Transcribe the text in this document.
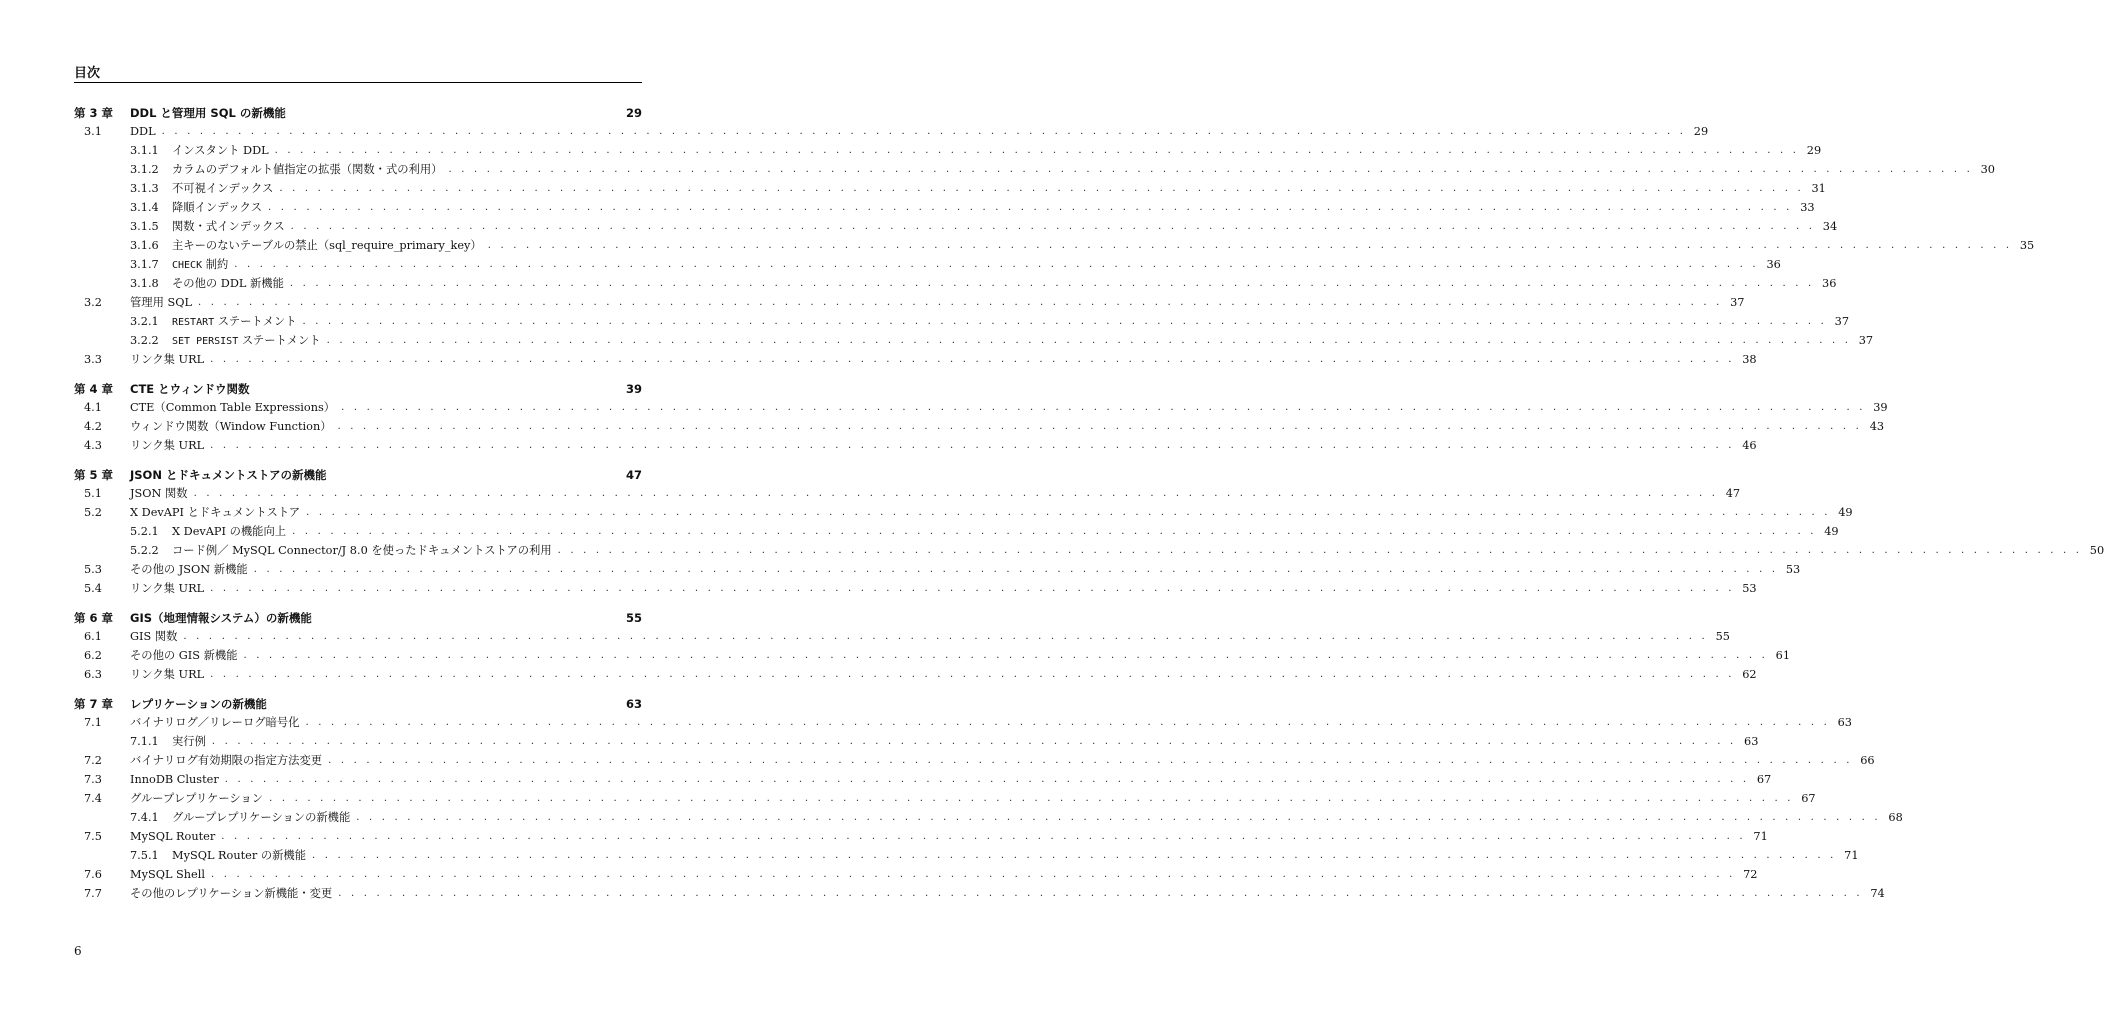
目次
第 3 章	DDL と管理用 SQL の新機能	29
3.1	DDL . . . . . . . . . . . . . . . . . . . . . . . . . . . . . . . . . . . . . . . . . . . . . . . . . . . . . . . . . . . . . . . . . . . . . . . . . . . . . . . . . . . . . . . . . . . . . . . . . . . . . . . . . . . . . . . . . . . . . . . . 29
3.1.1	インスタント DDL . . . . . . . . . . . . . . . . . . . . . . . . . . . . . . . . . . . . . . . . . . . . . . . . . . . . . . . . . . . . . . . . . . . . . . . . . . . . . . . . . . . . . . . . . . . . . . . . . . . . . . . . . . . . . . . . . . . . . . . . 29
3.1.2	カラムのデフォルト値指定の拡張（関数・式の利用） . . . . . . . . . . . . . . . . . . . . . . . . . . . . . . . . . . . . . . . . . . . . . . . . . . . . . . . . . . . . . . . . . . . . . . . . . . . . . . . . . . . . . . . . . . . . . . . . . . . . . . . . . . . . . . . . . . . . . . . . 30
3.1.3	不可視インデックス . . . . . . . . . . . . . . . . . . . . . . . . . . . . . . . . . . . . . . . . . . . . . . . . . . . . . . . . . . . . . . . . . . . . . . . . . . . . . . . . . . . . . . . . . . . . . . . . . . . . . . . . . . . . . . . . . . . . . . . . 31
3.1.4	降順インデックス . . . . . . . . . . . . . . . . . . . . . . . . . . . . . . . . . . . . . . . . . . . . . . . . . . . . . . . . . . . . . . . . . . . . . . . . . . . . . . . . . . . . . . . . . . . . . . . . . . . . . . . . . . . . . . . . . . . . . . . . 33
3.1.5	関数・式インデックス . . . . . . . . . . . . . . . . . . . . . . . . . . . . . . . . . . . . . . . . . . . . . . . . . . . . . . . . . . . . . . . . . . . . . . . . . . . . . . . . . . . . . . . . . . . . . . . . . . . . . . . . . . . . . . . . . . . . . . . . 34
3.1.6	主キーのないテーブルの禁止（sql_require_primary_key） . . . . . . . . . . . . . . . . . . . . . . . . . . . . . . . . . . . . . . . . . . . . . . . . . . . . . . . . . . . . . . . . . . . . . . . . . . . . . . . . . . . . . . . . . . . . . . . . . . . . . . . . . . . . . . . . . . . . . . . . 35
3.1.7	CHECK 制約 . . . . . . . . . . . . . . . . . . . . . . . . . . . . . . . . . . . . . . . . . . . . . . . . . . . . . . . . . . . . . . . . . . . . . . . . . . . . . . . . . . . . . . . . . . . . . . . . . . . . . . . . . . . . . . . . . . . . . . . . 36
3.1.8	その他の DDL 新機能 . . . . . . . . . . . . . . . . . . . . . . . . . . . . . . . . . . . . . . . . . . . . . . . . . . . . . . . . . . . . . . . . . . . . . . . . . . . . . . . . . . . . . . . . . . . . . . . . . . . . . . . . . . . . . . . . . . . . . . . . 36
3.2	管理用 SQL . . . . . . . . . . . . . . . . . . . . . . . . . . . . . . . . . . . . . . . . . . . . . . . . . . . . . . . . . . . . . . . . . . . . . . . . . . . . . . . . . . . . . . . . . . . . . . . . . . . . . . . . . . . . . . . . . . . . . . . . 37
3.2.1	RESTART ステートメント . . . . . . . . . . . . . . . . . . . . . . . . . . . . . . . . . . . . . . . . . . . . . . . . . . . . . . . . . . . . . . . . . . . . . . . . . . . . . . . . . . . . . . . . . . . . . . . . . . . . . . . . . . . . . . . . . . . . . . . . 37
3.2.2	SET PERSIST ステートメント . . . . . . . . . . . . . . . . . . . . . . . . . . . . . . . . . . . . . . . . . . . . . . . . . . . . . . . . . . . . . . . . . . . . . . . . . . . . . . . . . . . . . . . . . . . . . . . . . . . . . . . . . . . . . . . . . . . . . . . . 37
3.3	リンク集 URL . . . . . . . . . . . . . . . . . . . . . . . . . . . . . . . . . . . . . . . . . . . . . . . . . . . . . . . . . . . . . . . . . . . . . . . . . . . . . . . . . . . . . . . . . . . . . . . . . . . . . . . . . . . . . . . . . . . . . . . . 38
第 4 章	CTE とウィンドウ関数	39
4.1	CTE（Common Table Expressions） . . . . . . . . . . . . . . . . . . . . . . . . . . . . . . . . . . . . . . . . . . . . . . . . . . . . . . . . . . . . . . . . . . . . . . . . . . . . . . . . . . . . . . . . . . . . . . . . . . . . . . . . . . . . . . . . . . . . . . . . 39
4.2	ウィンドウ関数（Window Function） . . . . . . . . . . . . . . . . . . . . . . . . . . . . . . . . . . . . . . . . . . . . . . . . . . . . . . . . . . . . . . . . . . . . . . . . . . . . . . . . . . . . . . . . . . . . . . . . . . . . . . . . . . . . . . . . . . . . . . . . 43
4.3	リンク集 URL . . . . . . . . . . . . . . . . . . . . . . . . . . . . . . . . . . . . . . . . . . . . . . . . . . . . . . . . . . . . . . . . . . . . . . . . . . . . . . . . . . . . . . . . . . . . . . . . . . . . . . . . . . . . . . . . . . . . . . . . 46
第 5 章	JSON とドキュメントストアの新機能	47
5.1	JSON 関数 . . . . . . . . . . . . . . . . . . . . . . . . . . . . . . . . . . . . . . . . . . . . . . . . . . . . . . . . . . . . . . . . . . . . . . . . . . . . . . . . . . . . . . . . . . . . . . . . . . . . . . . . . . . . . . . . . . . . . . . . 47
5.2	X DevAPI とドキュメントストア . . . . . . . . . . . . . . . . . . . . . . . . . . . . . . . . . . . . . . . . . . . . . . . . . . . . . . . . . . . . . . . . . . . . . . . . . . . . . . . . . . . . . . . . . . . . . . . . . . . . . . . . . . . . . . . . . . . . . . . . 49
5.2.1	X DevAPI の機能向上 . . . . . . . . . . . . . . . . . . . . . . . . . . . . . . . . . . . . . . . . . . . . . . . . . . . . . . . . . . . . . . . . . . . . . . . . . . . . . . . . . . . . . . . . . . . . . . . . . . . . . . . . . . . . . . . . . . . . . . . . 49
5.2.2	コード例／ MySQL Connector/J 8.0 を使ったドキュメントストアの利用 . . . . . . . . . . . . . . . . . . . . . . . . . . . . . . . . . . . . . . . . . . . . . . . . . . . . . . . . . . . . . . . . . . . . . . . . . . . . . . . . . . . . . . . . . . . . . . . . . . . . . . . . . . . . . . . . . . . . . . . . 50
5.3	その他の JSON 新機能 . . . . . . . . . . . . . . . . . . . . . . . . . . . . . . . . . . . . . . . . . . . . . . . . . . . . . . . . . . . . . . . . . . . . . . . . . . . . . . . . . . . . . . . . . . . . . . . . . . . . . . . . . . . . . . . . . . . . . . . . 53
5.4	リンク集 URL . . . . . . . . . . . . . . . . . . . . . . . . . . . . . . . . . . . . . . . . . . . . . . . . . . . . . . . . . . . . . . . . . . . . . . . . . . . . . . . . . . . . . . . . . . . . . . . . . . . . . . . . . . . . . . . . . . . . . . . . 53
第 6 章	GIS（地理情報システム）の新機能	55
6.1	GIS 関数 . . . . . . . . . . . . . . . . . . . . . . . . . . . . . . . . . . . . . . . . . . . . . . . . . . . . . . . . . . . . . . . . . . . . . . . . . . . . . . . . . . . . . . . . . . . . . . . . . . . . . . . . . . . . . . . . . . . . . . . . 55
6.2	その他の GIS 新機能 . . . . . . . . . . . . . . . . . . . . . . . . . . . . . . . . . . . . . . . . . . . . . . . . . . . . . . . . . . . . . . . . . . . . . . . . . . . . . . . . . . . . . . . . . . . . . . . . . . . . . . . . . . . . . . . . . . . . . . . . 61
6.3	リンク集 URL . . . . . . . . . . . . . . . . . . . . . . . . . . . . . . . . . . . . . . . . . . . . . . . . . . . . . . . . . . . . . . . . . . . . . . . . . . . . . . . . . . . . . . . . . . . . . . . . . . . . . . . . . . . . . . . . . . . . . . . . 62
第 7 章	レプリケーションの新機能	63
7.1	バイナリログ／リレーログ暗号化 . . . . . . . . . . . . . . . . . . . . . . . . . . . . . . . . . . . . . . . . . . . . . . . . . . . . . . . . . . . . . . . . . . . . . . . . . . . . . . . . . . . . . . . . . . . . . . . . . . . . . . . . . . . . . . . . . . . . . . . . 63
7.1.1	実行例 . . . . . . . . . . . . . . . . . . . . . . . . . . . . . . . . . . . . . . . . . . . . . . . . . . . . . . . . . . . . . . . . . . . . . . . . . . . . . . . . . . . . . . . . . . . . . . . . . . . . . . . . . . . . . . . . . . . . . . . . 63
7.2	バイナリログ有効期限の指定方法変更 . . . . . . . . . . . . . . . . . . . . . . . . . . . . . . . . . . . . . . . . . . . . . . . . . . . . . . . . . . . . . . . . . . . . . . . . . . . . . . . . . . . . . . . . . . . . . . . . . . . . . . . . . . . . . . . . . . . . . . . . 66
7.3	InnoDB Cluster . . . . . . . . . . . . . . . . . . . . . . . . . . . . . . . . . . . . . . . . . . . . . . . . . . . . . . . . . . . . . . . . . . . . . . . . . . . . . . . . . . . . . . . . . . . . . . . . . . . . . . . . . . . . . . . . . . . . . . . . 67
7.4	グループレプリケーション . . . . . . . . . . . . . . . . . . . . . . . . . . . . . . . . . . . . . . . . . . . . . . . . . . . . . . . . . . . . . . . . . . . . . . . . . . . . . . . . . . . . . . . . . . . . . . . . . . . . . . . . . . . . . . . . . . . . . . . . 67
7.4.1	グループレプリケーションの新機能 . . . . . . . . . . . . . . . . . . . . . . . . . . . . . . . . . . . . . . . . . . . . . . . . . . . . . . . . . . . . . . . . . . . . . . . . . . . . . . . . . . . . . . . . . . . . . . . . . . . . . . . . . . . . . . . . . . . . . . . . 68
7.5	MySQL Router . . . . . . . . . . . . . . . . . . . . . . . . . . . . . . . . . . . . . . . . . . . . . . . . . . . . . . . . . . . . . . . . . . . . . . . . . . . . . . . . . . . . . . . . . . . . . . . . . . . . . . . . . . . . . . . . . . . . . . . . 71
7.5.1	MySQL Router の新機能 . . . . . . . . . . . . . . . . . . . . . . . . . . . . . . . . . . . . . . . . . . . . . . . . . . . . . . . . . . . . . . . . . . . . . . . . . . . . . . . . . . . . . . . . . . . . . . . . . . . . . . . . . . . . . . . . . . . . . . . . 71
7.6	MySQL Shell . . . . . . . . . . . . . . . . . . . . . . . . . . . . . . . . . . . . . . . . . . . . . . . . . . . . . . . . . . . . . . . . . . . . . . . . . . . . . . . . . . . . . . . . . . . . . . . . . . . . . . . . . . . . . . . . . . . . . . . . 72
7.7	その他のレプリケーション新機能・変更 . . . . . . . . . . . . . . . . . . . . . . . . . . . . . . . . . . . . . . . . . . . . . . . . . . . . . . . . . . . . . . . . . . . . . . . . . . . . . . . . . . . . . . . . . . . . . . . . . . . . . . . . . . . . . . . . . . . . . . . . 74
6
